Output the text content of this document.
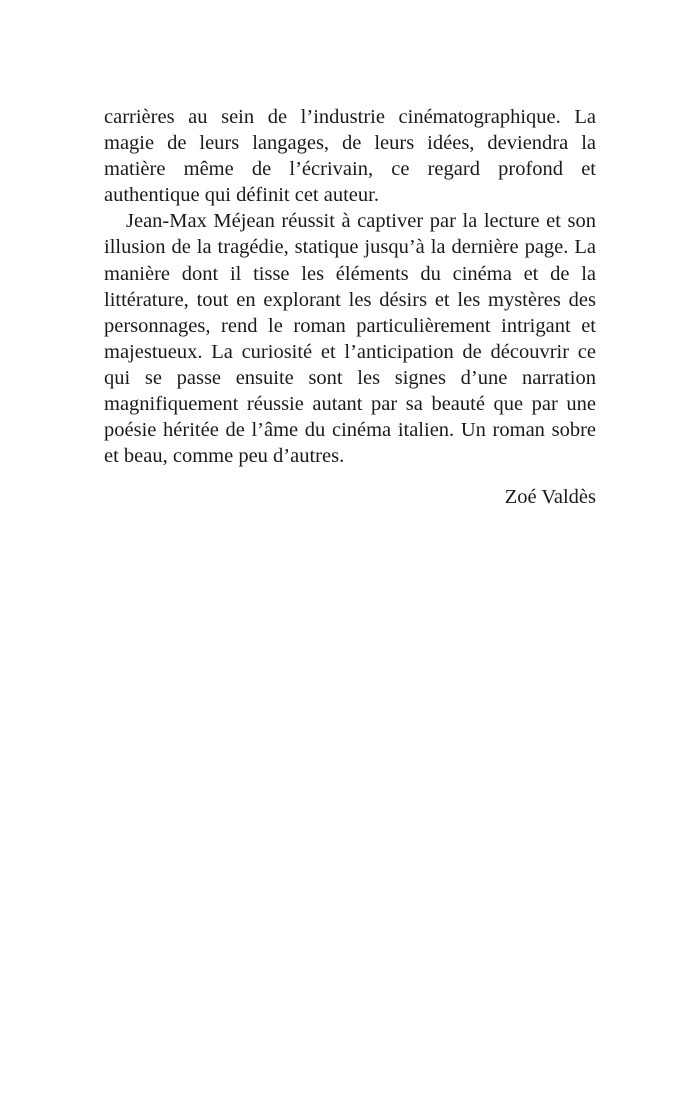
carrières au sein de l’industrie cinématographique. La magie de leurs langages, de leurs idées, deviendra la matière même de l’écrivain, ce regard profond et authentique qui définit cet auteur.

Jean-Max Méjean réussit à captiver par la lecture et son illusion de la tragédie, statique jusqu’à la dernière page. La manière dont il tisse les éléments du cinéma et de la littérature, tout en explorant les désirs et les mystères des personnages, rend le roman particulièrement intrigant et majestueux. La curiosité et l’anticipation de découvrir ce qui se passe ensuite sont les signes d’une narration magnifiquement réussie autant par sa beauté que par une poésie héritée de l’âme du cinéma italien. Un roman sobre et beau, comme peu d’autres.

Zoé Valdès
